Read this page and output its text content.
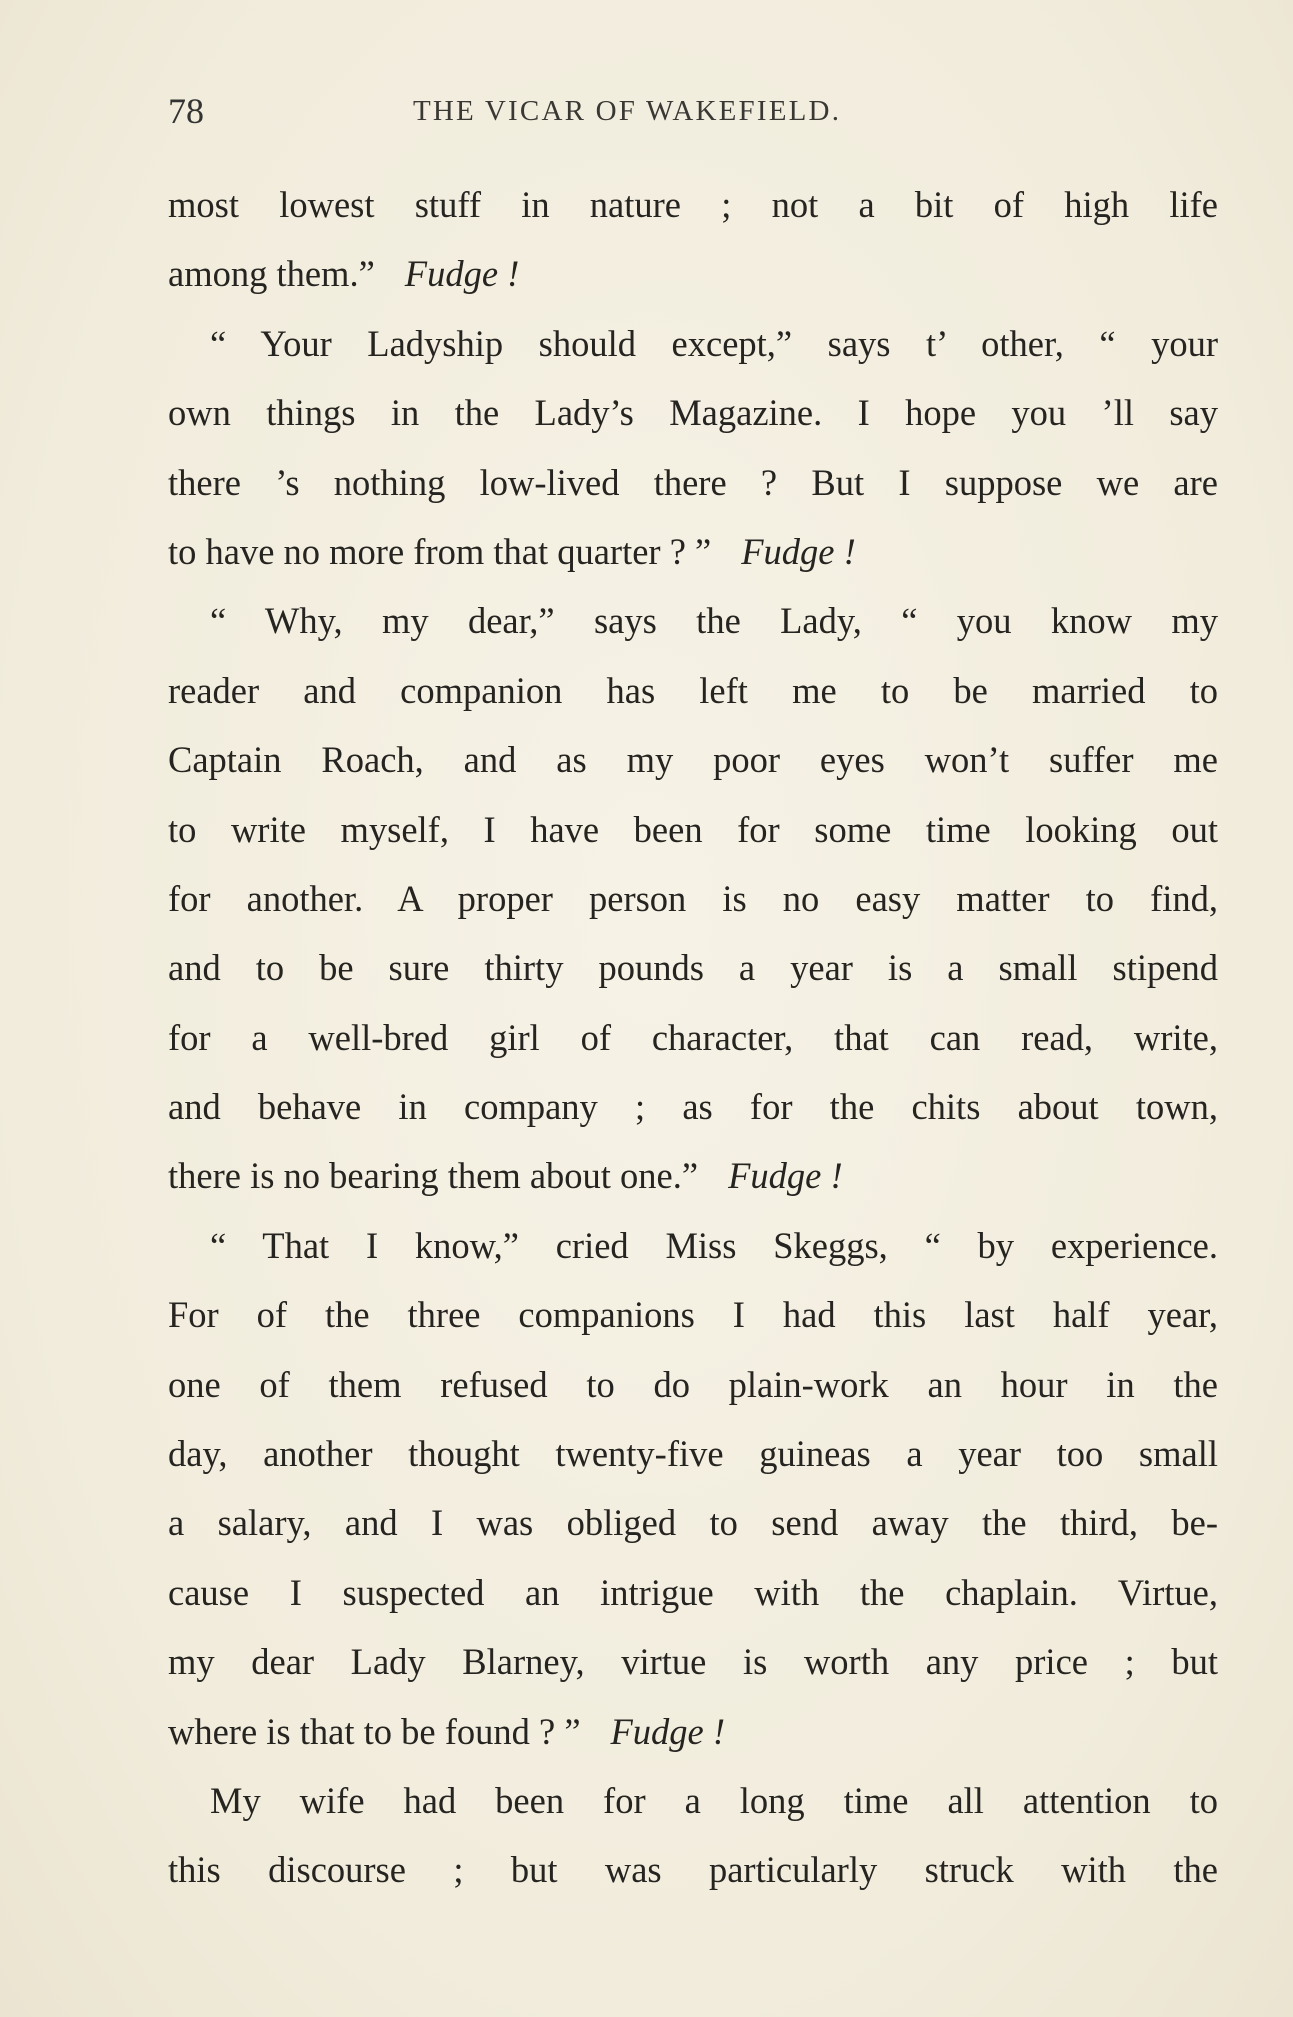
78	THE VICAR OF WAKEFIELD.
most lowest stuff in nature ; not a bit of high life
among them.” Fudge !
“ Your Ladyship should except,” says t’ other, “ your
own things in the Lady’s Magazine. I hope you ’ll say
there ’s nothing low-lived there ? But I suppose we are
to have no more from that quarter ? ” Fudge !
“ Why, my dear,” says the Lady, “ you know my
reader and companion has left me to be married to
Captain Roach, and as my poor eyes won’t suffer me
to write myself, I have been for some time looking out
for another. A proper person is no easy matter to find,
and to be sure thirty pounds a year is a small stipend
for a well-bred girl of character, that can read, write,
and behave in company ; as for the chits about town,
there is no bearing them about one.” Fudge !
“ That I know,” cried Miss Skeggs, “ by experience.
For of the three companions I had this last half year,
one of them refused to do plain-work an hour in the
day, another thought twenty-five guineas a year too small
a salary, and I was obliged to send away the third, be-
cause I suspected an intrigue with the chaplain. Virtue,
my dear Lady Blarney, virtue is worth any price ; but
where is that to be found ? ” Fudge !
My wife had been for a long time all attention to
this discourse ; but was particularly struck with the
